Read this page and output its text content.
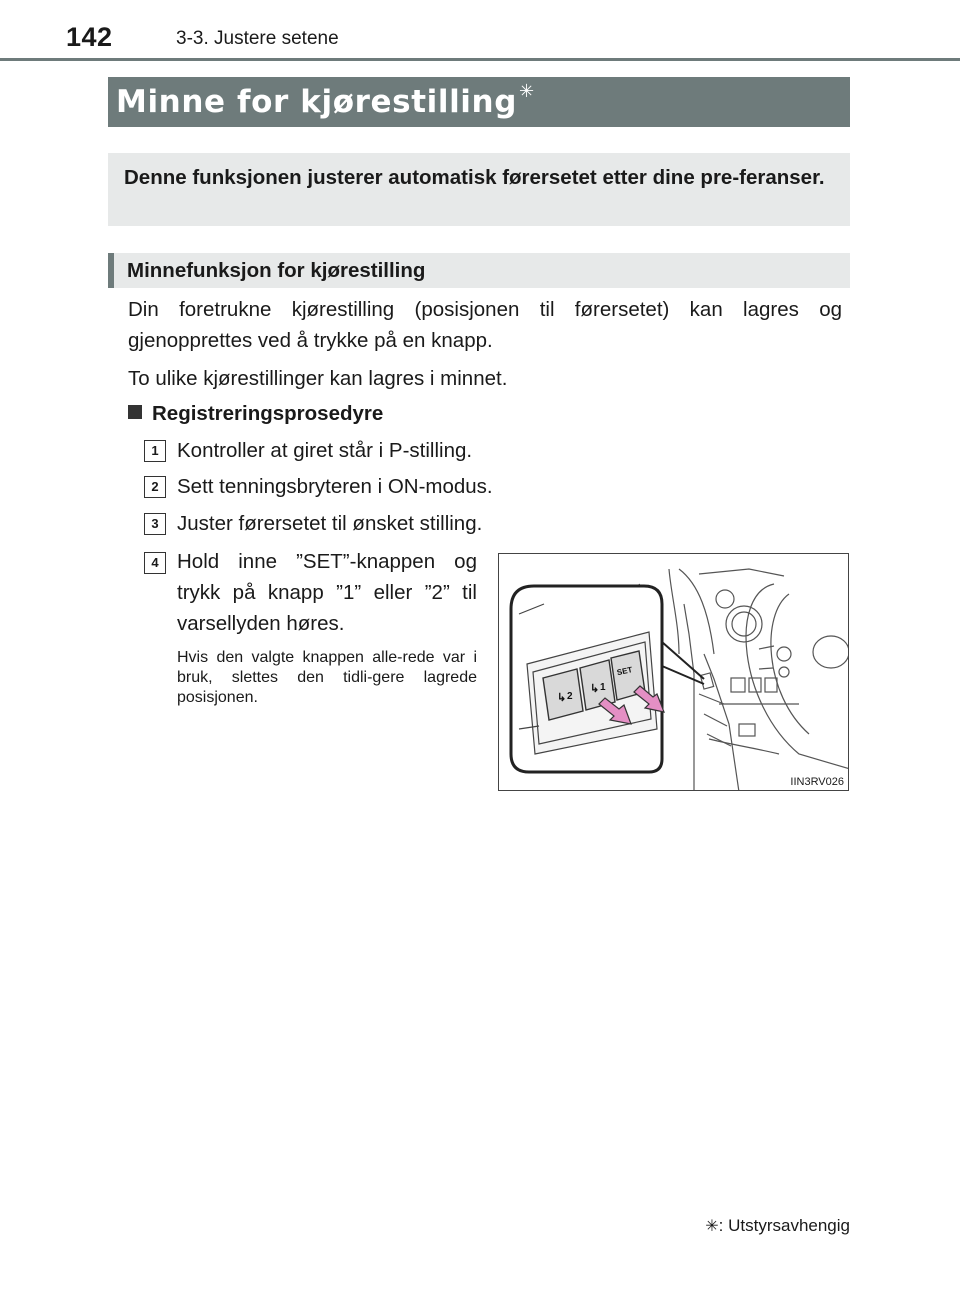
142	3-3. Justere setene
Minne for kjørestilling ✳
Denne funksjonen justerer automatisk førersetet etter dine pre-feranser.
Minnefunksjon for kjørestilling
Din foretrukne kjørestilling (posisjonen til førersetet) kan lagres og gjenopprettes ved å trykke på en knapp.
To ulike kjørestillinger kan lagres i minnet.
Registreringsprosedyre
1 Kontroller at giret står i P-stilling.
2 Sett tenningsbryteren i ON-modus.
3 Juster førersetet til ønsket stilling.
4 Hold inne ”SET”-knappen og trykk på knapp ”1” eller ”2” til varsellyden høres.
Hvis den valgte knappen alle-rede var i bruk, slettes den tidli-gere lagrede posisjonen.	↳ 2
↳ 1
SET
IIN3RV026
✳: Utstyrsavhengig
